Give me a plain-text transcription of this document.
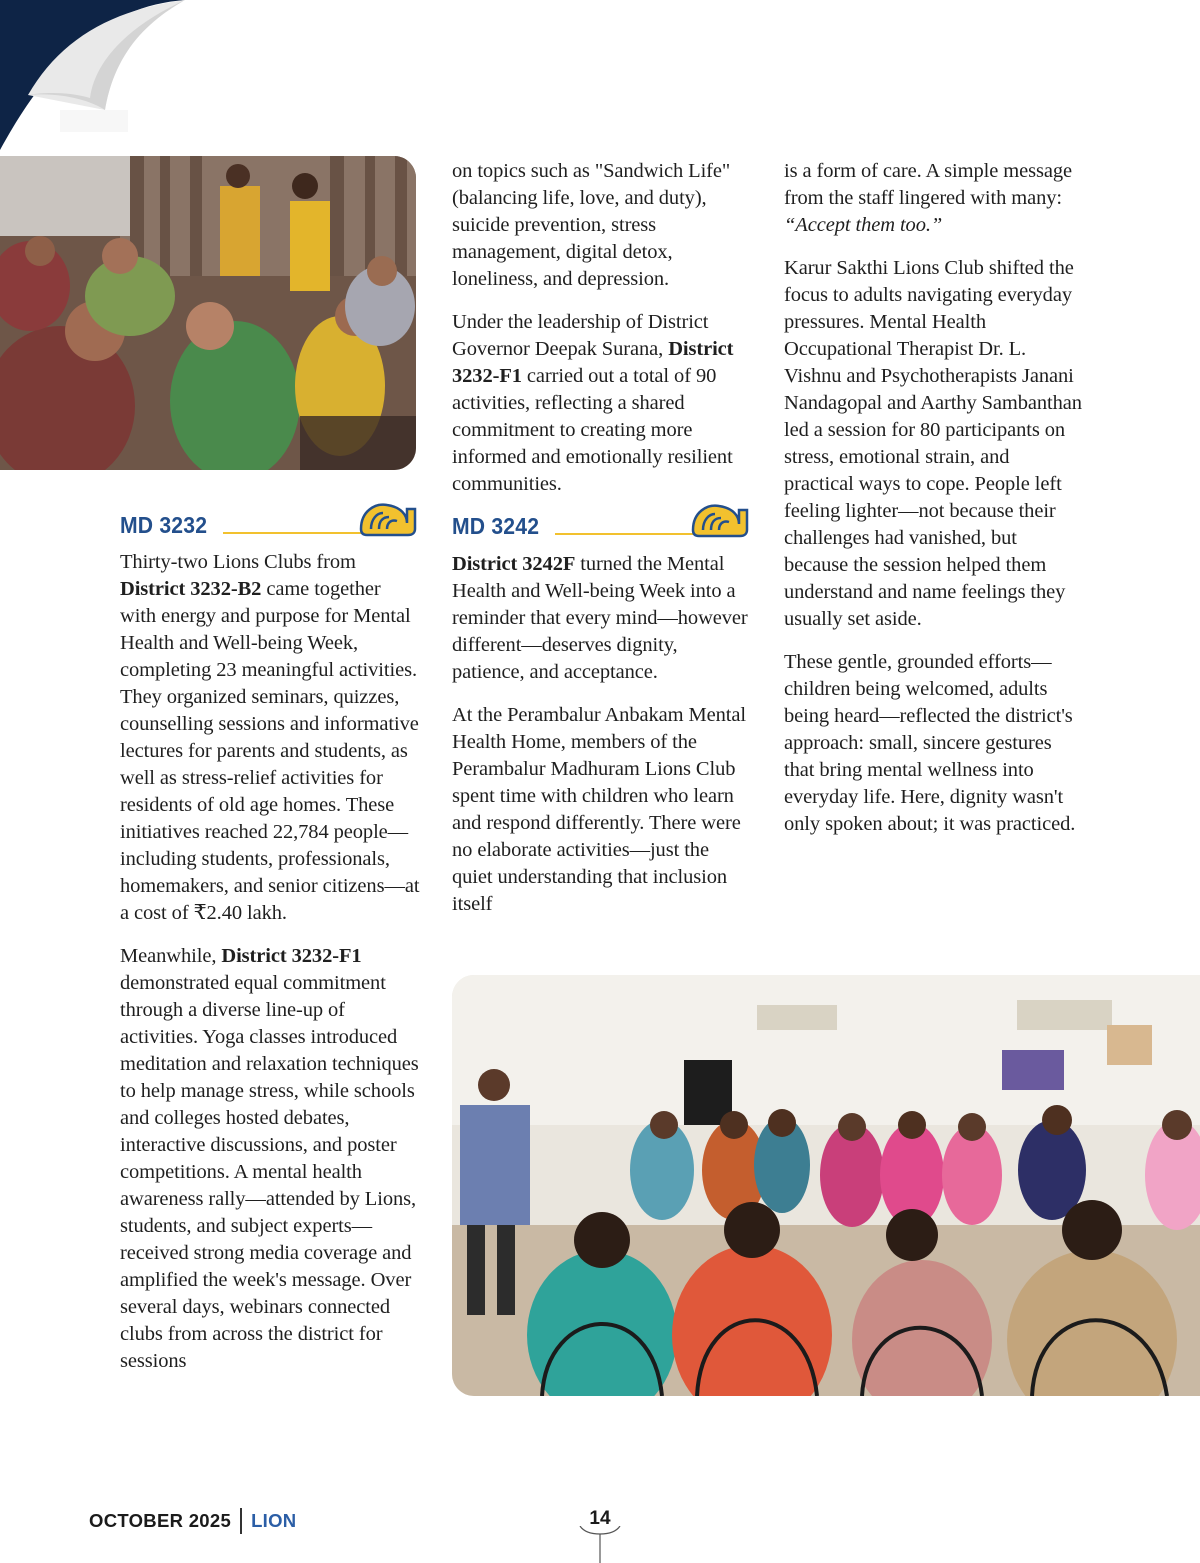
MD 3232

Thirty-two Lions Clubs from District 3232-B2 came together with energy and purpose for Mental Health and Well-being Week, completing 23 meaningful activities. They organized seminars, quizzes, counselling sessions and informative lectures for parents and students, as well as stress-relief activities for residents of old age homes. These initiatives reached 22,784 people—including students, professionals, homemakers, and senior citizens—at a cost of ₹2.40 lakh.

Meanwhile, District 3232-F1 demonstrated equal commitment through a diverse line-up of activities. Yoga classes introduced meditation and relaxation techniques to help manage stress, while schools and colleges hosted debates, interactive discussions, and poster competitions. A mental health awareness rally—attended by Lions, students, and subject experts—received strong media coverage and amplified the week's message. Over several days, webinars connected clubs from across the district for sessions

on topics such as "Sandwich Life" (balancing life, love, and duty), suicide prevention, stress management, digital detox, loneliness, and depression.

Under the leadership of District Governor Deepak Surana, District 3232-F1 carried out a total of 90 activities, reflecting a shared commitment to creating more informed and emotionally resilient communities.

MD 3242

District 3242F turned the Mental Health and Well-being Week into a reminder that every mind—however different—deserves dignity, patience, and acceptance.

At the Perambalur Anbakam Mental Health Home, members of the Perambalur Madhuram Lions Club spent time with children who learn and respond differently. There were no elaborate activities—just the quiet understanding that inclusion itself

is a form of care. A simple message from the staff lingered with many: “Accept them too.”

Karur Sakthi Lions Club shifted the focus to adults navigating everyday pressures. Mental Health Occupational Therapist Dr. L. Vishnu and Psychotherapists Janani Nandagopal and Aarthy Sambanthan led a session for 80 participants on stress, emotional strain, and practical ways to cope. People left feeling lighter—not because their challenges had vanished, but because the session helped them understand and name feelings they usually set aside.

These gentle, grounded efforts—children being welcomed, adults being heard—reflected the district's approach: small, sincere gestures that bring mental wellness into everyday life. Here, dignity wasn't only spoken about; it was practiced.

OCTOBER 2025 LION	14
